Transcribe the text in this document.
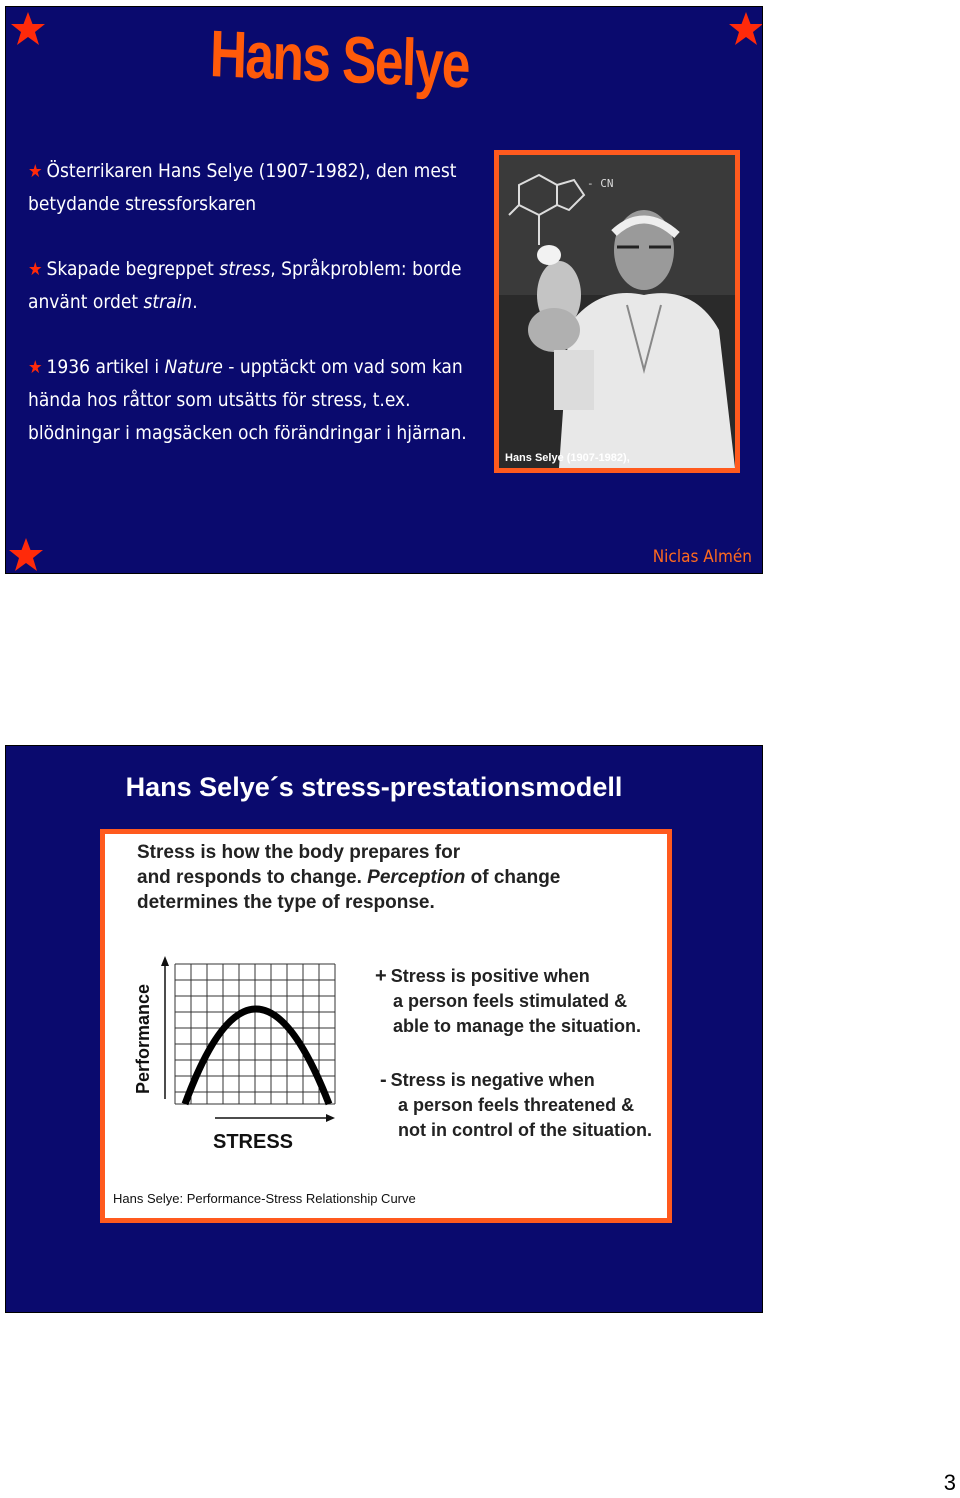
Hans Selye
★ Österrikaren Hans Selye (1907-1982), den mest betydande stressforskaren
★ Skapade begreppet stress, Språkproblem: borde använt ordet strain.
★ 1936 artikel i Nature - upptäckt om vad som kan hända hos råttor som utsätts för stress, t.ex. blödningar i magsäcken och förändringar i hjärnan.
- CN
Hans Selye (1907-1982),
Niclas Almén
Hans Selye´s stress-prestationsmodell
Stress is how the body prepares for
and responds to change. Perception of change
determines the type of response.
Performance
STRESS
+ Stress is positive when
a person feels stimulated &
able to manage the situation.
- Stress is negative when
a person feels threatened &
not in control of the situation.
Hans Selye: Performance-Stress Relationship Curve
3
